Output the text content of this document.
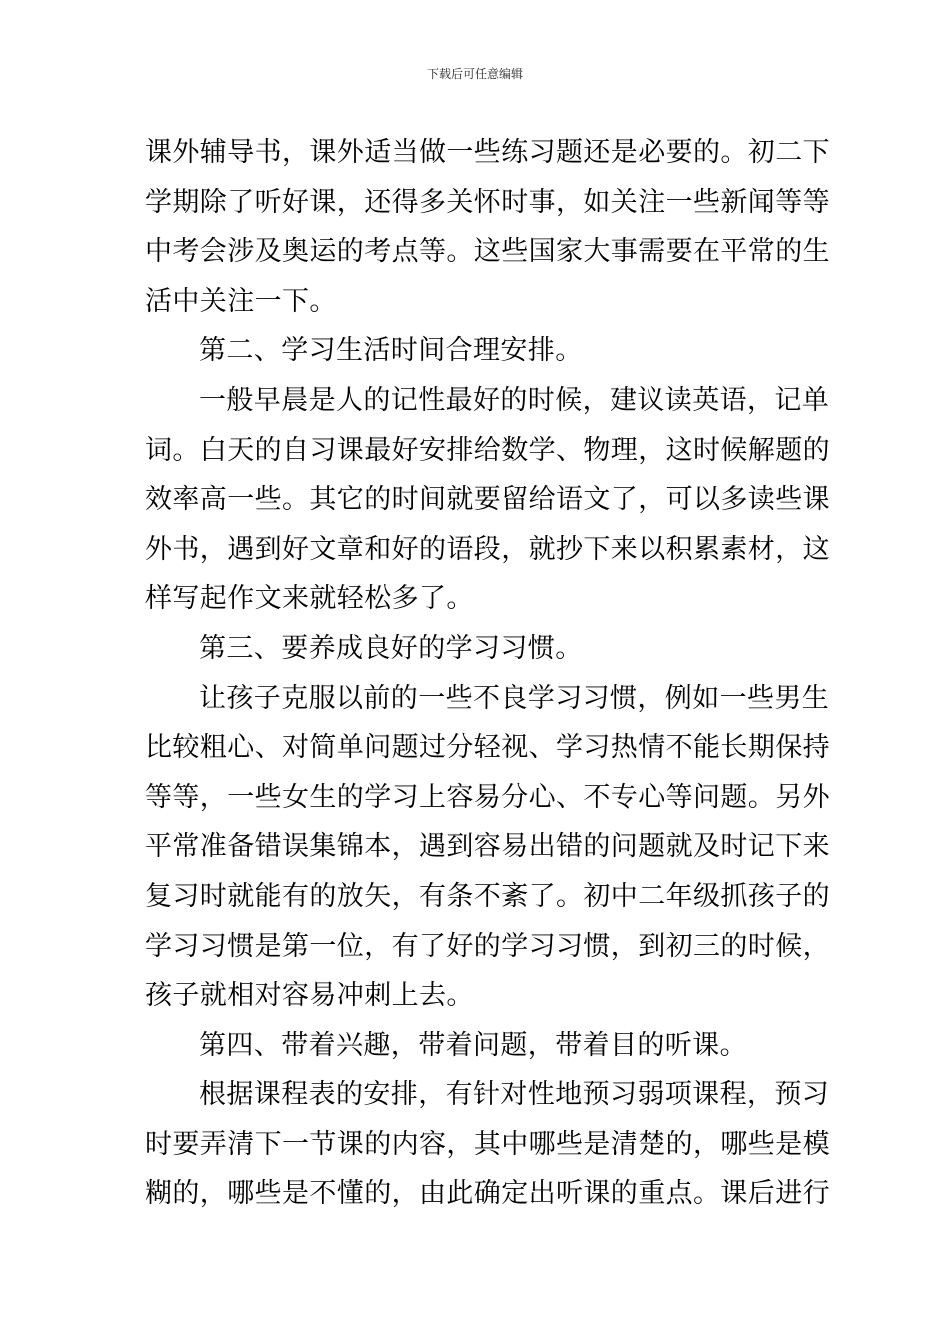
下载后可任意编辑
课外辅导书，课外适当做一些练习题还是必要的。初二下
学期除了听好课，还得多关怀时事，如关注一些新闻等等
中考会涉及奥运的考点等。这些国家大事需要在平常的生
活中关注一下。
第二、学习生活时间合理安排。
一般早晨是人的记性最好的时候，建议读英语，记单
词。白天的自习课最好安排给数学、物理，这时候解题的
效率高一些。其它的时间就要留给语文了，可以多读些课
外书，遇到好文章和好的语段，就抄下来以积累素材，这
样写起作文来就轻松多了。
第三、要养成良好的学习习惯。
让孩子克服以前的一些不良学习习惯，例如一些男生
比较粗心、对简单问题过分轻视、学习热情不能长期保持
等等，一些女生的学习上容易分心、不专心等问题。另外
平常准备错误集锦本，遇到容易出错的问题就及时记下来
复习时就能有的放矢，有条不紊了。初中二年级抓孩子的
学习习惯是第一位，有了好的学习习惯，到初三的时候，
孩子就相对容易冲刺上去。
第四、带着兴趣，带着问题，带着目的听课。
根据课程表的安排，有针对性地预习弱项课程，预习
时要弄清下一节课的内容，其中哪些是清楚的，哪些是模
糊的，哪些是不懂的，由此确定出听课的重点。课后进行
